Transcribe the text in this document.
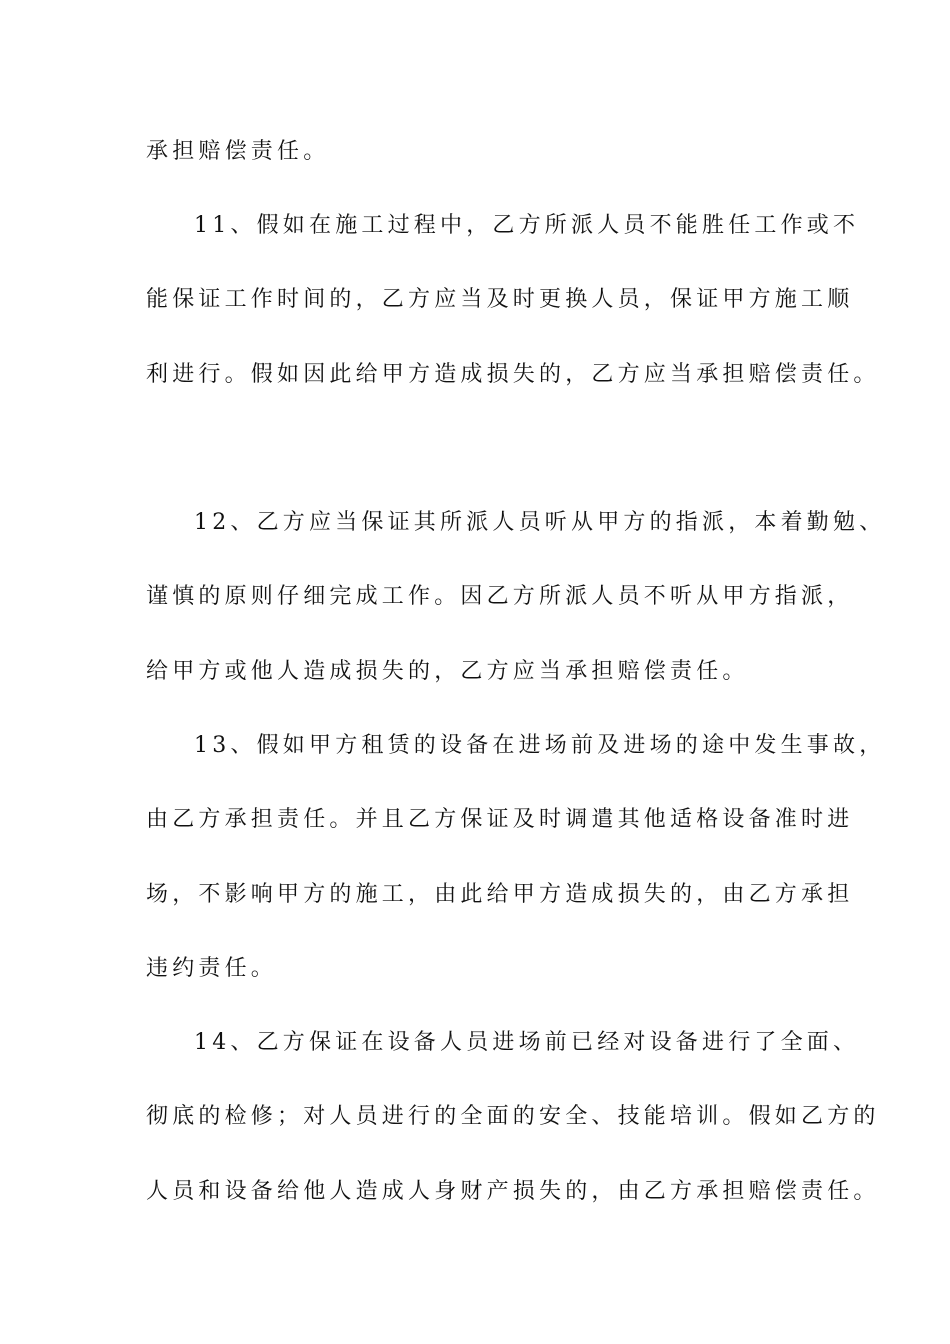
承担赔偿责任。

11、假如在施工过程中，乙方所派人员不能胜任工作或不

能保证工作时间的，乙方应当及时更换人员，保证甲方施工顺

利进行。假如因此给甲方造成损失的，乙方应当承担赔偿责任。

12、乙方应当保证其所派人员听从甲方的指派，本着勤勉、

谨慎的原则仔细完成工作。因乙方所派人员不听从甲方指派，

给甲方或他人造成损失的，乙方应当承担赔偿责任。

13、假如甲方租赁的设备在进场前及进场的途中发生事故，

由乙方承担责任。并且乙方保证及时调遣其他适格设备准时进

场，不影响甲方的施工，由此给甲方造成损失的，由乙方承担

违约责任。

14、乙方保证在设备人员进场前已经对设备进行了全面、

彻底的检修；对人员进行的全面的安全、技能培训。假如乙方的

人员和设备给他人造成人身财产损失的，由乙方承担赔偿责任。
